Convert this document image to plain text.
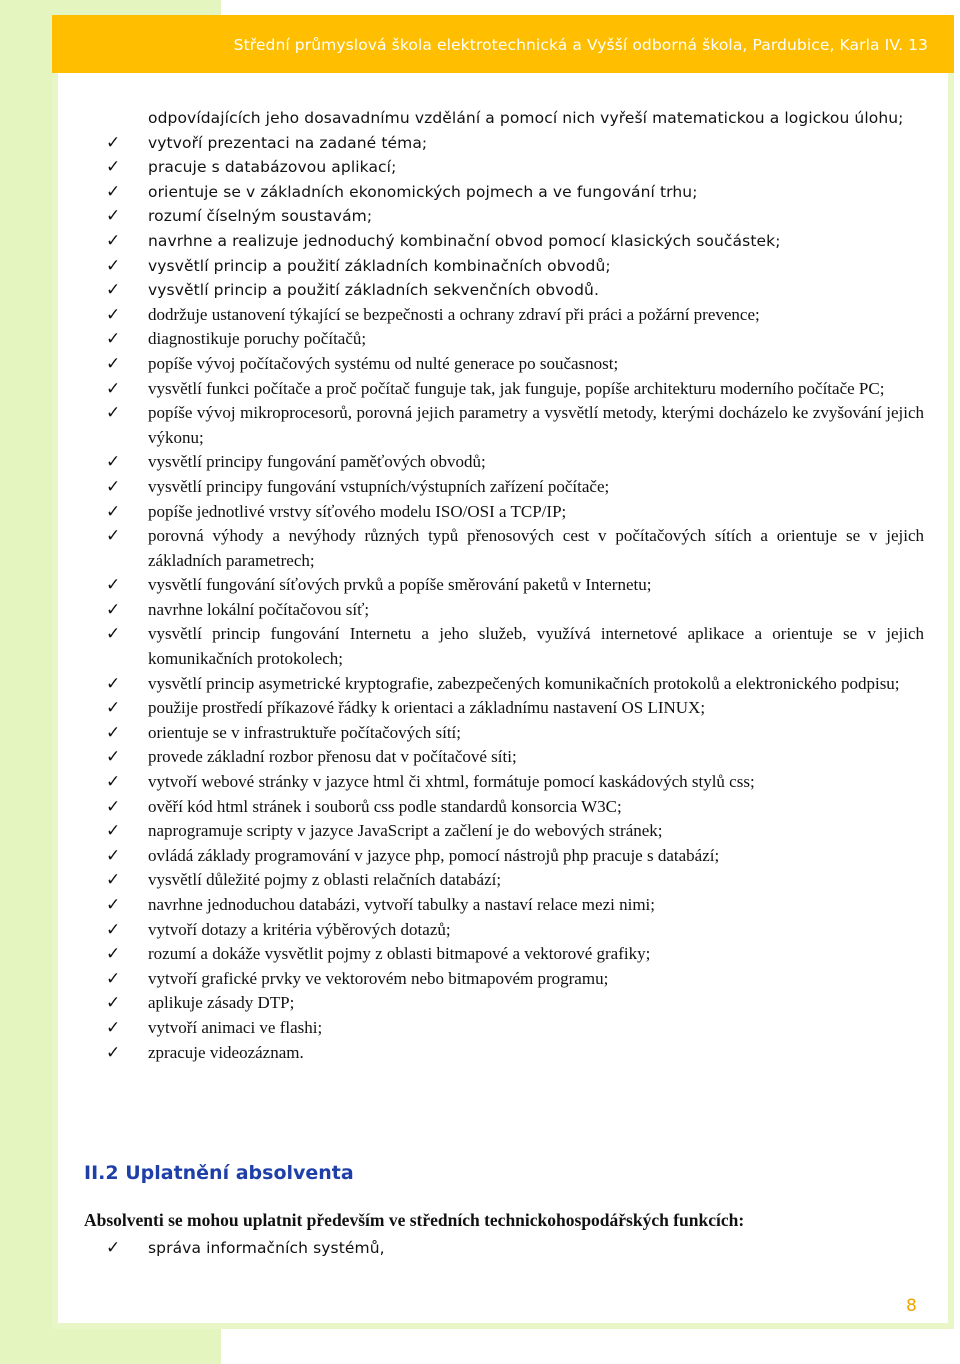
Střední průmyslová škola elektrotechnická a Vyšší odborná škola, Pardubice, Karla IV. 13
odpovídajících jeho dosavadnímu vzdělání a pomocí nich vyřeší matematickou a logickou úlohu;
✓ vytvoří prezentaci na zadané téma;
✓ pracuje s databázovou aplikací;
✓ orientuje se v základních ekonomických pojmech a ve fungování trhu;
✓ rozumí číselným soustavám;
✓ navrhne a realizuje jednoduchý kombinační obvod pomocí klasických součástek;
✓ vysvětlí princip a použití základních kombinačních obvodů;
✓ vysvětlí princip a použití základních sekvenčních obvodů.
✓ dodržuje ustanovení týkající se bezpečnosti a ochrany zdraví při práci a požární prevence;
✓ diagnostikuje poruchy počítačů;
✓ popíše vývoj počítačových systému od nulté generace po současnost;
✓ vysvětlí funkci počítače a proč počítač funguje tak, jak funguje, popíše architekturu moderního počítače PC;
✓ popíše vývoj mikroprocesorů, porovná jejich parametry a vysvětlí metody, kterými docházelo ke zvyšování jejich výkonu;
✓ vysvětlí principy fungování paměťových obvodů;
✓ vysvětlí principy fungování vstupních/výstupních zařízení počítače;
✓ popíše jednotlivé vrstvy síťového modelu ISO/OSI a TCP/IP;
✓ porovná výhody a nevýhody různých typů přenosových cest v počítačových sítích a orientuje se v jejich základních parametrech;
✓ vysvětlí fungování síťových prvků a popíše směrování paketů v Internetu;
✓ navrhne lokální počítačovou síť;
✓ vysvětlí princip fungování Internetu a jeho služeb, využívá internetové aplikace a orientuje se v jejich komunikačních protokolech;
✓ vysvětlí princip asymetrické kryptografie, zabezpečených komunikačních protokolů a elektronického podpisu;
✓ použije prostředí příkazové řádky k orientaci a základnímu nastavení OS LINUX;
✓ orientuje se v infrastruktuře počítačových sítí;
✓ provede základní rozbor přenosu dat v počítačové síti;
✓ vytvoří webové stránky v jazyce html či xhtml, formátuje pomocí kaskádových stylů css;
✓ ověří kód html stránek i souborů css podle standardů konsorcia W3C;
✓ naprogramuje scripty v jazyce JavaScript a začlení je do webových stránek;
✓ ovládá základy programování v jazyce php, pomocí nástrojů php pracuje s databází;
✓ vysvětlí důležité pojmy z oblasti relačních databází;
✓ navrhne jednoduchou databázi, vytvoří tabulky a nastaví relace mezi nimi;
✓ vytvoří dotazy a kritéria výběrových dotazů;
✓ rozumí a dokáže vysvětlit pojmy z oblasti bitmapové a vektorové grafiky;
✓ vytvoří grafické prvky ve vektorovém nebo bitmapovém programu;
✓ aplikuje zásady DTP;
✓ vytvoří animaci ve flashi;
✓ zpracuje videozáznam.
II.2 Uplatnění absolventa
Absolventi se mohou uplatnit především ve středních technickohospodářských funkcích:
✓ správa informačních systémů,
8
